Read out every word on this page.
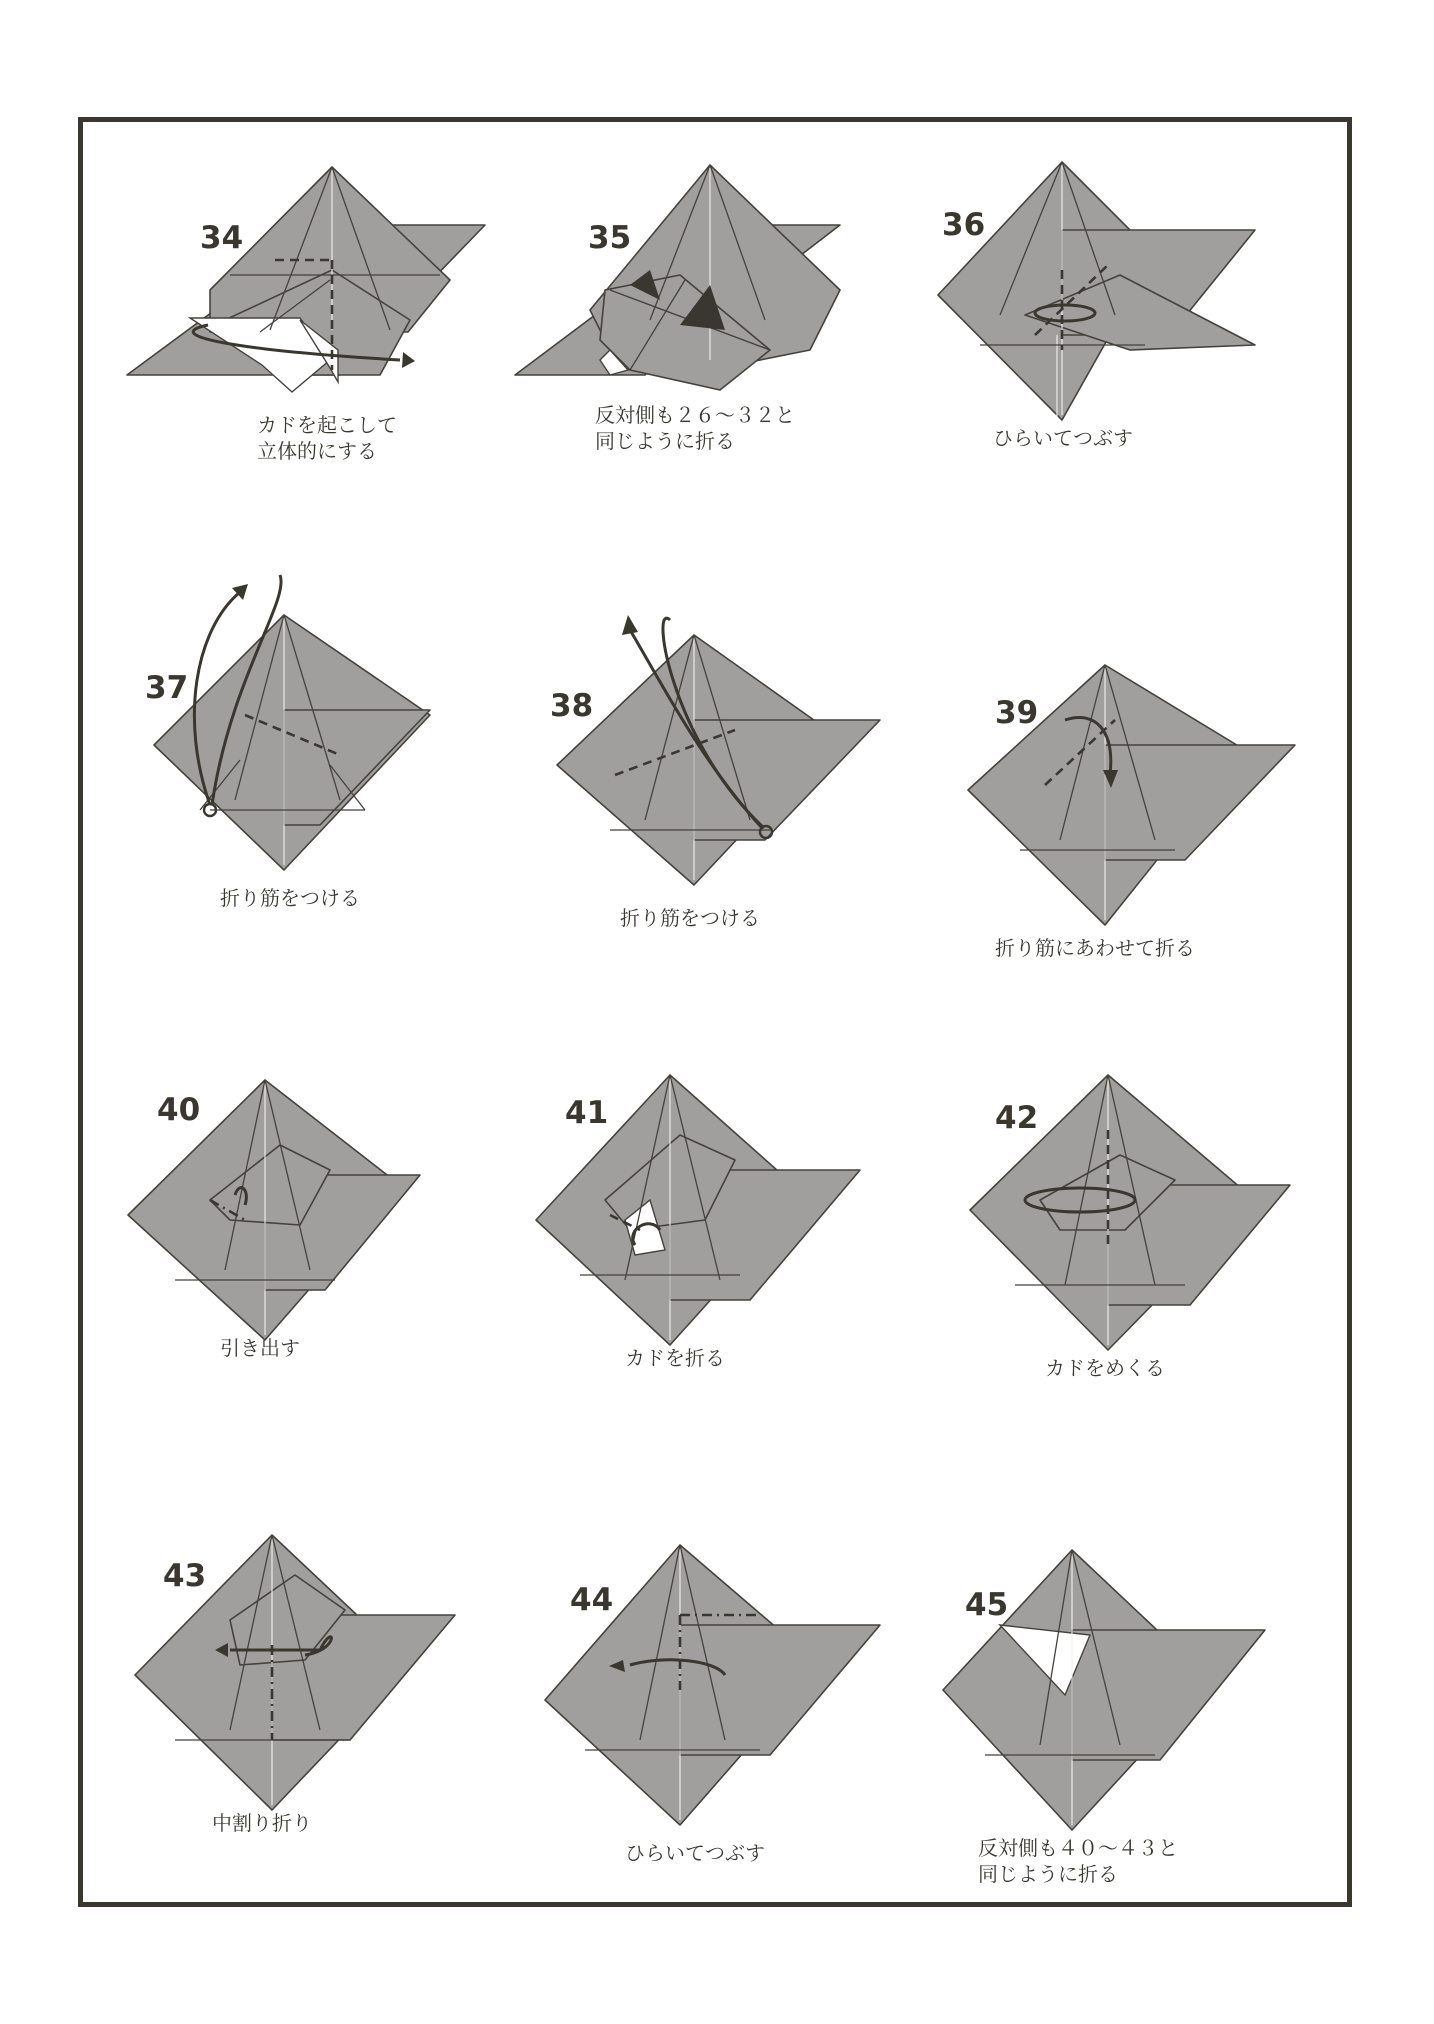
34
カドを起こして
立体的にする
35
反対側も２６〜３２と
同じように折る
36
ひらいてつぶす
37
折り筋をつける
38
折り筋をつける
39
折り筋にあわせて折る
40
引き出す
41
カドを折る
42
カドをめくる
43
中割り折り
44
ひらいてつぶす
45
反対側も４０〜４３と
同じように折る
